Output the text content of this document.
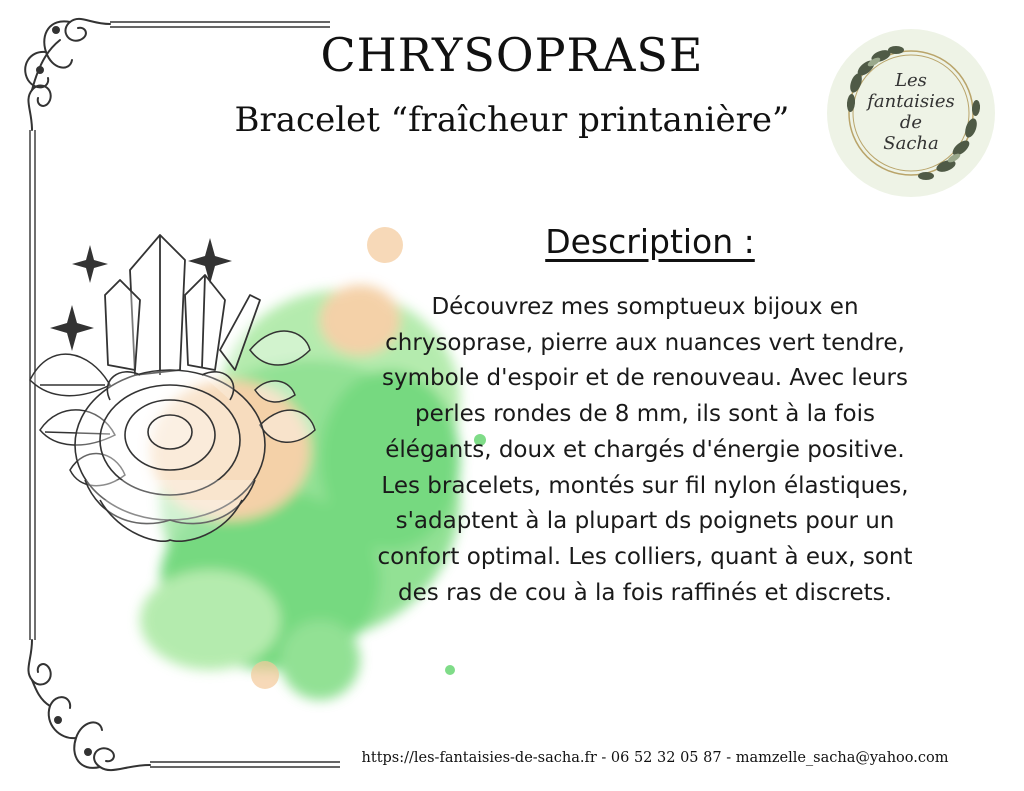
Les
fantaisies
de
Sacha
CHRYSOPRASE
Bracelet “fraîcheur printanière”
Description :
Découvrez mes somptueux bijoux en
chrysoprase, pierre aux nuances vert tendre,
symbole d'espoir et de renouveau. Avec leurs
perles rondes de 8 mm, ils sont à la fois
élégants, doux et chargés d'énergie positive.
Les bracelets, montés sur fil nylon élastiques,
s'adaptent à la plupart ds poignets pour un
confort optimal. Les colliers, quant à eux, sont
des ras de cou à la fois raffinés et discrets.
https://les-fantaisies-de-sacha.fr - 06 52 32 05 87 - mamzelle_sacha@yahoo.com
